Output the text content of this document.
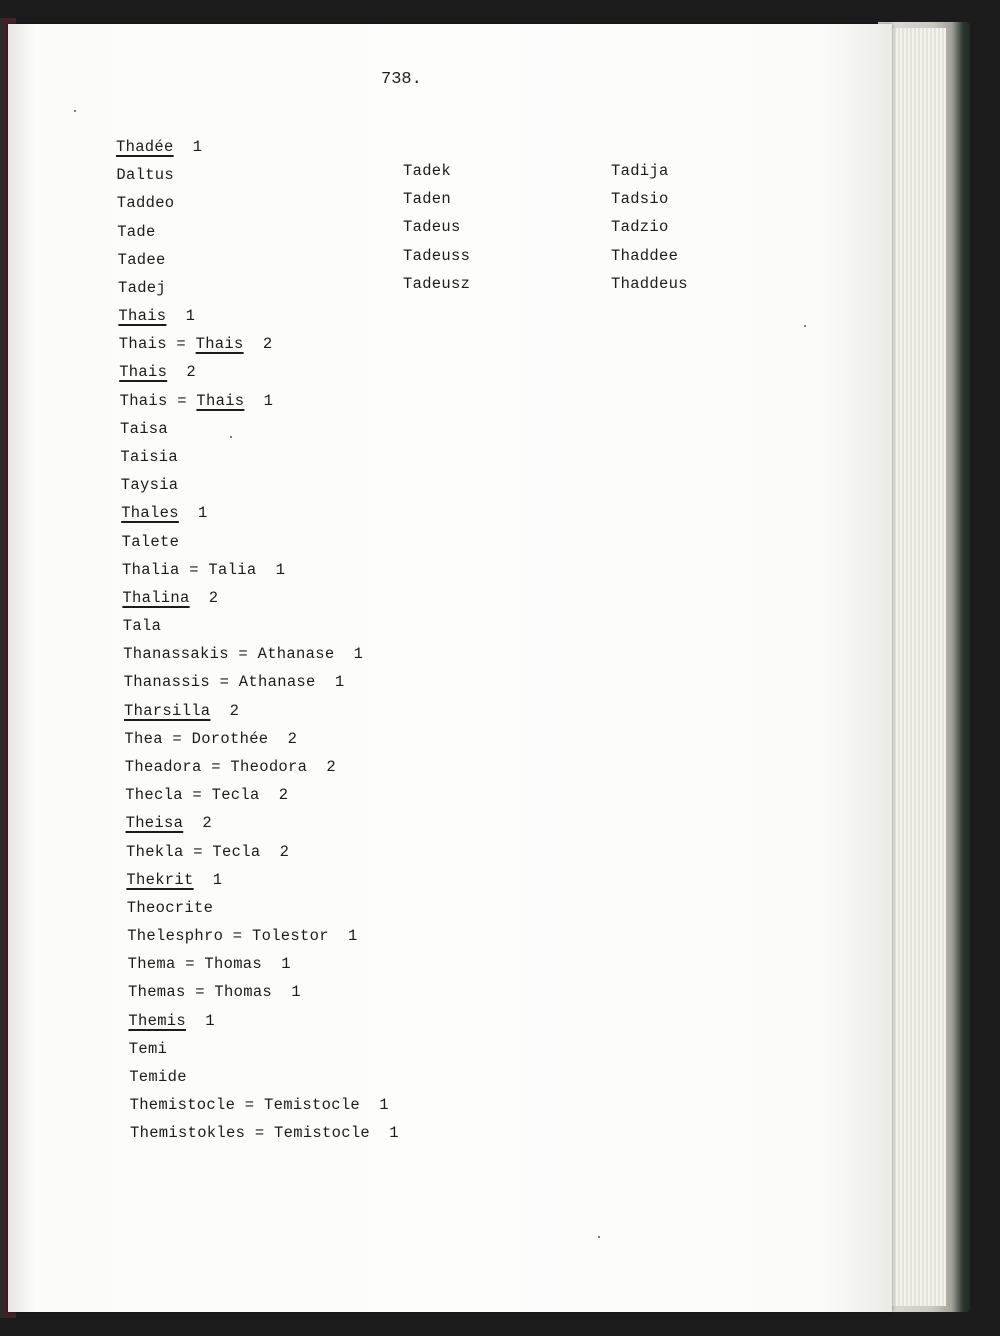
738.
Thadée  1
Daltus
Taddeo
Tade
Tadee
Tadej
Thais  1
Thais = Thais  2
Thais  2
Thais = Thais  1
Taisa
Taisia
Taysia
Thales  1
Talete
Thalia = Talia  1
Thalina  2
Tala
Thanassakis = Athanase  1
Thanassis = Athanase  1
Tharsilla  2
Thea = Dorothée  2
Theadora = Theodora  2
Thecla = Tecla  2
Theisa  2
Thekla = Tecla  2
Thekrit  1
Theocrite
Thelesphro = Tolestor  1
Thema = Thomas  1
Themas = Thomas  1
Themis  1
Temi
Temide
Themistocle = Temistocle  1
Themistokles = Temistocle  1
Tadek
Taden
Tadeus
Tadeuss
Tadeusz
Tadija
Tadsio
Tadzio
Thaddee
Thaddeus
